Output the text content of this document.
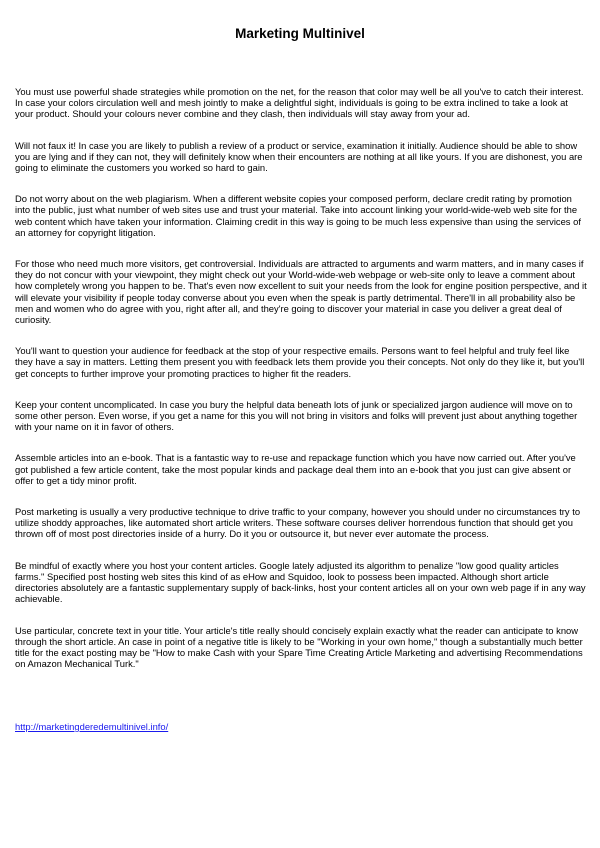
Marketing Multinivel

You must use powerful shade strategies while promotion on the net, for the reason that color may well be all you've to catch their interest. In case your colors circulation well and mesh jointly to make a delightful sight, individuals is going to be extra inclined to take a look at your product. Should your colours never combine and they clash, then individuals will stay away from your ad.

Will not faux it! In case you are likely to publish a review of a product or service, examination it initially. Audience should be able to show you are lying and if they can not, they will definitely know when their encounters are nothing at all like yours. If you are dishonest, you are going to eliminate the customers you worked so hard to gain.

Do not worry about on the web plagiarism. When a different website copies your composed perform, declare credit rating by promotion into the public, just what number of web sites use and trust your material. Take into account linking your world-wide-web web site for the web content which have taken your information. Claiming credit in this way is going to be much less expensive than using the services of an attorney for copyright litigation.

For those who need much more visitors, get controversial. Individuals are attracted to arguments and warm matters, and in many cases if they do not concur with your viewpoint, they might check out your World-wide-web webpage or web-site only to leave a comment about how completely wrong you happen to be. That's even now excellent to suit your needs from the look for engine position perspective, and it will elevate your visibility if people today converse about you even when the speak is partly detrimental. There'll in all probability also be men and women who do agree with you, right after all, and they're going to discover your material in case you deliver a great deal of curiosity.

You'll want to question your audience for feedback at the stop of your respective emails. Persons want to feel helpful and truly feel like they have a say in matters. Letting them present you with feedback lets them provide you their concepts. Not only do they like it, but you'll get concepts to further improve your promoting practices to higher fit the readers.

Keep your content uncomplicated. In case you bury the helpful data beneath lots of junk or specialized jargon audience will move on to some other person. Even worse, if you get a name for this you will not bring in visitors and folks will prevent just about anything together with your name on it in favor of others.

Assemble articles into an e-book. That is a fantastic way to re-use and repackage function which you have now carried out. After you've got published a few article content, take the most popular kinds and package deal them into an e-book that you just can give absent or offer to get a tidy minor profit.

Post marketing is usually a very productive technique to drive traffic to your company, however you should under no circumstances try to utilize shoddy approaches, like automated short article writers. These software courses deliver horrendous function that should get you thrown off of most post directories inside of a hurry. Do it you or outsource it, but never ever automate the process.

Be mindful of exactly where you host your content articles. Google lately adjusted its algorithm to penalize "low good quality articles farms." Specified post hosting web sites this kind of as eHow and Squidoo, look to possess been impacted. Although short article directories absolutely are a fantastic supplementary supply of back-links, host your content articles all on your own web page if in any way achievable.

Use particular, concrete text in your title. Your article's title really should concisely explain exactly what the reader can anticipate to know through the short article. An case in point of a negative title is likely to be "Working in your own home," though a substantially much better title for the exact posting may be "How to make Cash with your Spare Time Creating Article Marketing and advertising Recommendations on Amazon Mechanical Turk."

http://marketingderedemultinivel.info/
